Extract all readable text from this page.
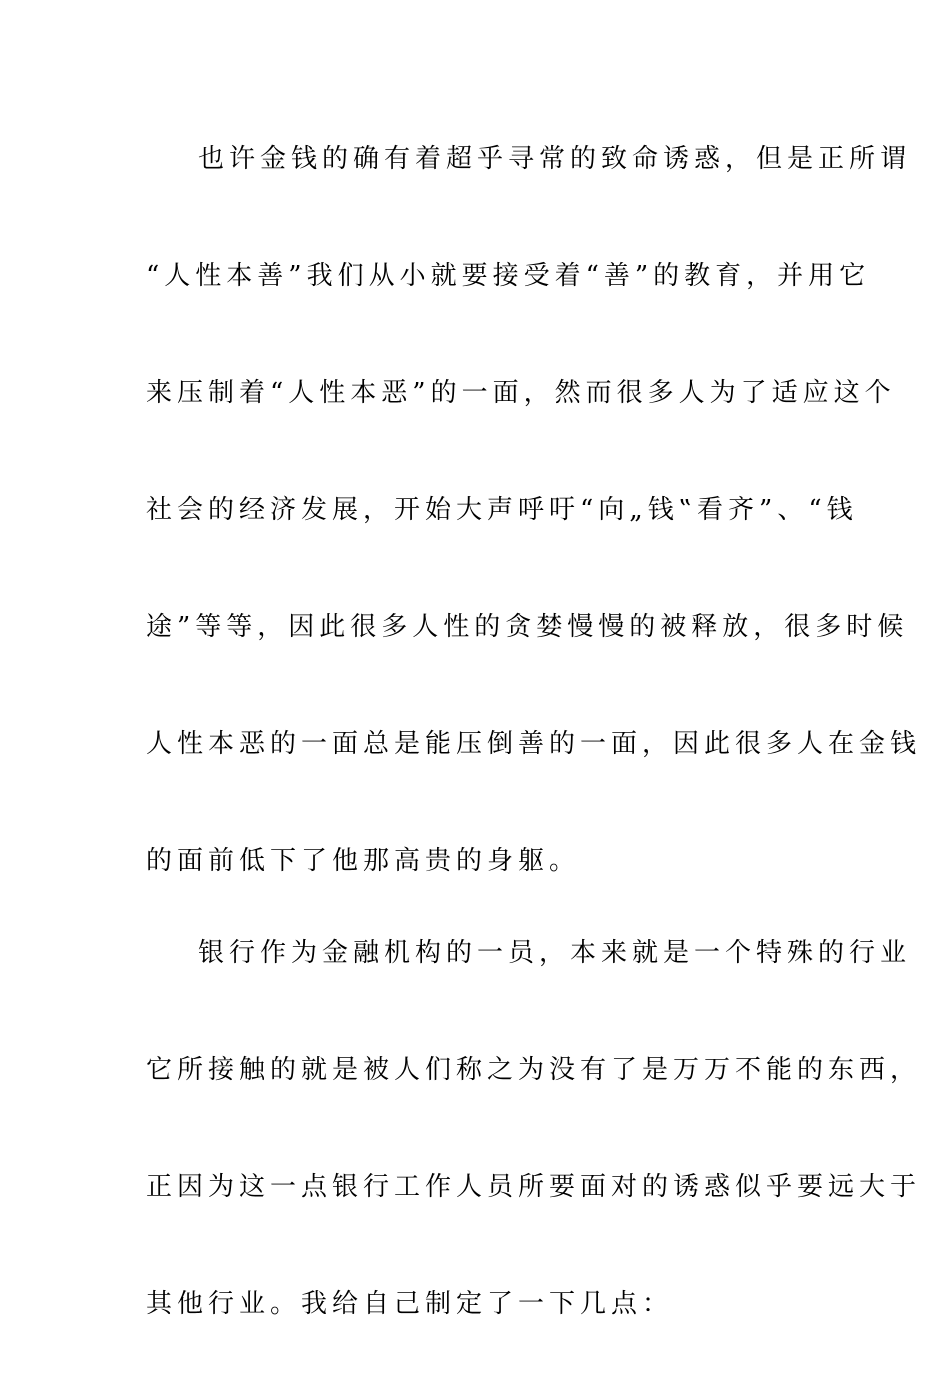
也许金钱的确有着超乎寻常的致命诱惑，但是正所谓
“人性本善”我们从小就要接受着“善”的教育，并用它
来压制着“人性本恶”的一面，然而很多人为了适应这个
社会的经济发展，开始大声呼吁“向„钱‟看齐”、“钱
途”等等，因此很多人性的贪婪慢慢的被释放，很多时候
人性本恶的一面总是能压倒善的一面，因此很多人在金钱
的面前低下了他那高贵的身躯。
银行作为金融机构的一员，本来就是一个特殊的行业
它所接触的就是被人们称之为没有了是万万不能的东西，
正因为这一点银行工作人员所要面对的诱惑似乎要远大于
其他行业。我给自己制定了一下几点：
